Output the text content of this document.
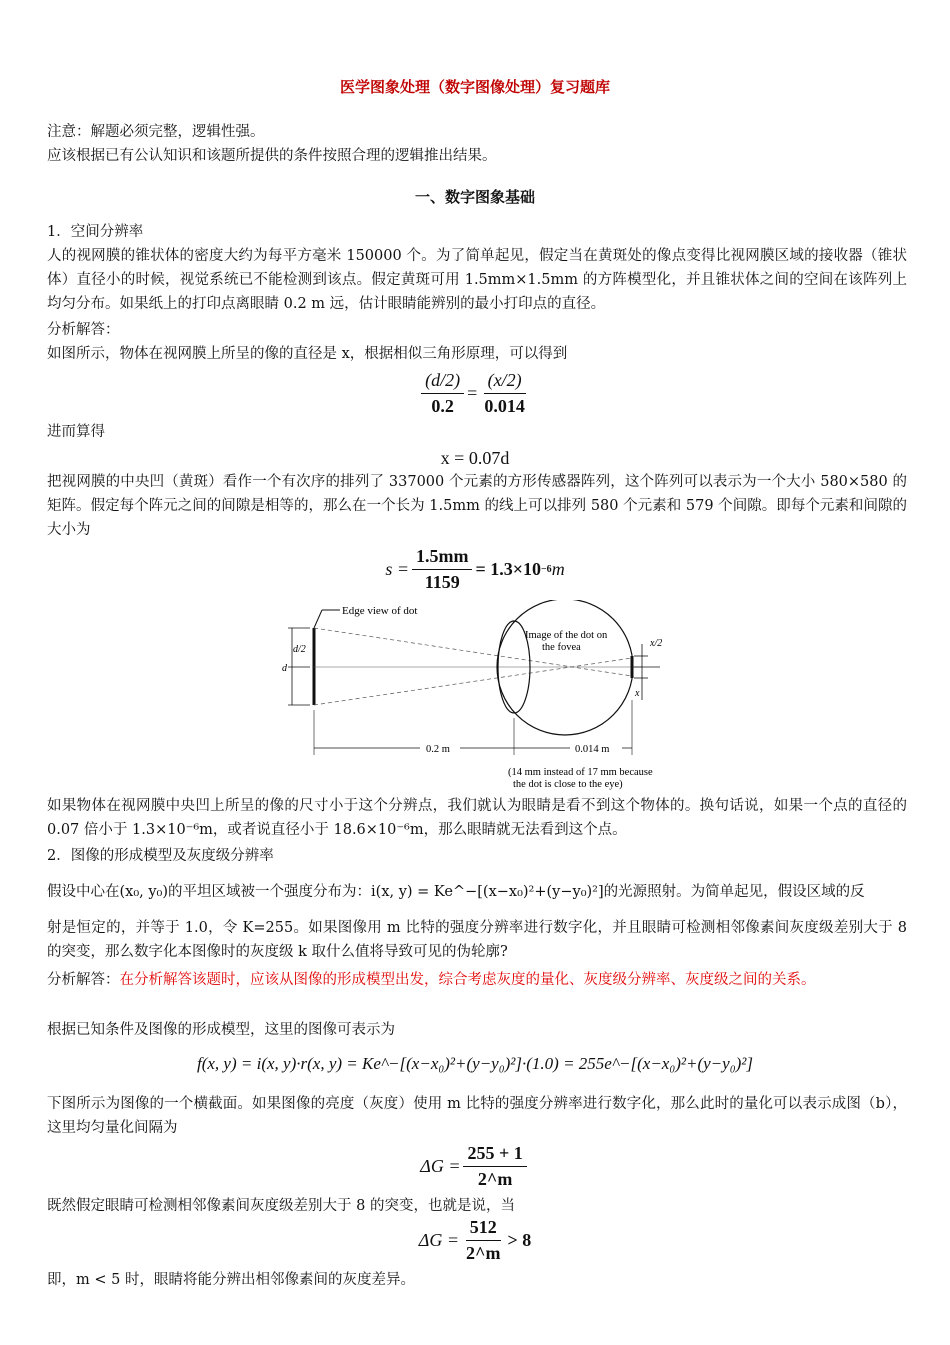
医学图象处理（数字图像处理）复习题库
注意：解题必须完整，逻辑性强。
应该根据已有公认知识和该题所提供的条件按照合理的逻辑推出结果。
一、数字图象基础
1．空间分辨率
人的视网膜的锥状体的密度大约为每平方毫米 150000 个。为了简单起见，假定当在黄斑处的像点变得比视网膜区域的接收器（锥状体）直径小的时候，视觉系统已不能检测到该点。假定黄斑可用 1.5mm×1.5mm 的方阵模型化，并且锥状体之间的空间在该阵列上均匀分布。如果纸上的打印点离眼睛 0.2 m 远，估计眼睛能辨别的最小打印点的直径。
分析解答：
如图所示，物体在视网膜上所呈的像的直径是 x，根据相似三角形原理，可以得到
$\frac{(d/2)}{0.2} = \frac{(x/2)}{0.014}$
进而算得
x = 0.07d
把视网膜的中央凹（黄斑）看作一个有次序的排列了 337000 个元素的方形传感器阵列，这个阵列可以表示为一个大小 580×580 的矩阵。假定每个阵元之间的间隙是相等的，那么在一个长为 1.5mm 的线上可以排列 580 个元素和 579 个间隙。即每个元素和间隙的大小为
$s = \frac{1.5mm}{1159} = 1.3\times 10 -6$ m
Edge view of dot
d/2
d
Image of the dot on
the fovea	x/2
x
0.2 m	0.014 m
(14 mm instead of 17 mm because
the dot is close to the eye)
如果物体在视网膜中央凹上所呈的像的尺寸小于这个分辨点，我们就认为眼睛是看不到这个物体的。换句话说，如果一个点的直径的 0.07 倍小于 1.3×10⁻⁶m，或者说直径小于 18.6×10⁻⁶m，那么眼睛就无法看到这个点。
2．图像的形成模型及灰度级分辨率
假设中心在(x₀, y₀)的平坦区域被一个强度分布为：i(x, y) = Ke^−[(x−x₀)²+(y−y₀)²]的光源照射。为简单起见，假设区域的反
射是恒定的，并等于 1.0，令 K=255。如果图像用 m 比特的强度分辨率进行数字化，并且眼睛可检测相邻像素间灰度级差别大于 8 的突变，那么数字化本图像时的灰度级 k 取什么值将导致可见的伪轮廓?
分析解答：在分析解答该题时，应该从图像的形成模型出发，综合考虑灰度的量化、灰度级分辨率、灰度级之间的关系。
根据已知条件及图像的形成模型，这里的图像可表示为
f(x, y) = i(x, y)·r(x, y) = Ke^−[(x−x₀)²+(y−y₀)²]·(1.0) = 255e^−[(x−x₀)²+(y−y₀)²]
下图所示为图像的一个横截面。如果图像的亮度（灰度）使用 m 比特的强度分辨率进行数字化，那么此时的量化可以表示成图（b），这里均匀量化间隔为
$\Delta G = \frac{255 + 1}{2\^{}m}$
既然假定眼睛可检测相邻像素间灰度级差别大于 8 的突变，也就是说，当
$\Delta G = \frac{512}{2\^{}m} > 8$
即，m < 5 时，眼睛将能分辨出相邻像素间的灰度差异。
